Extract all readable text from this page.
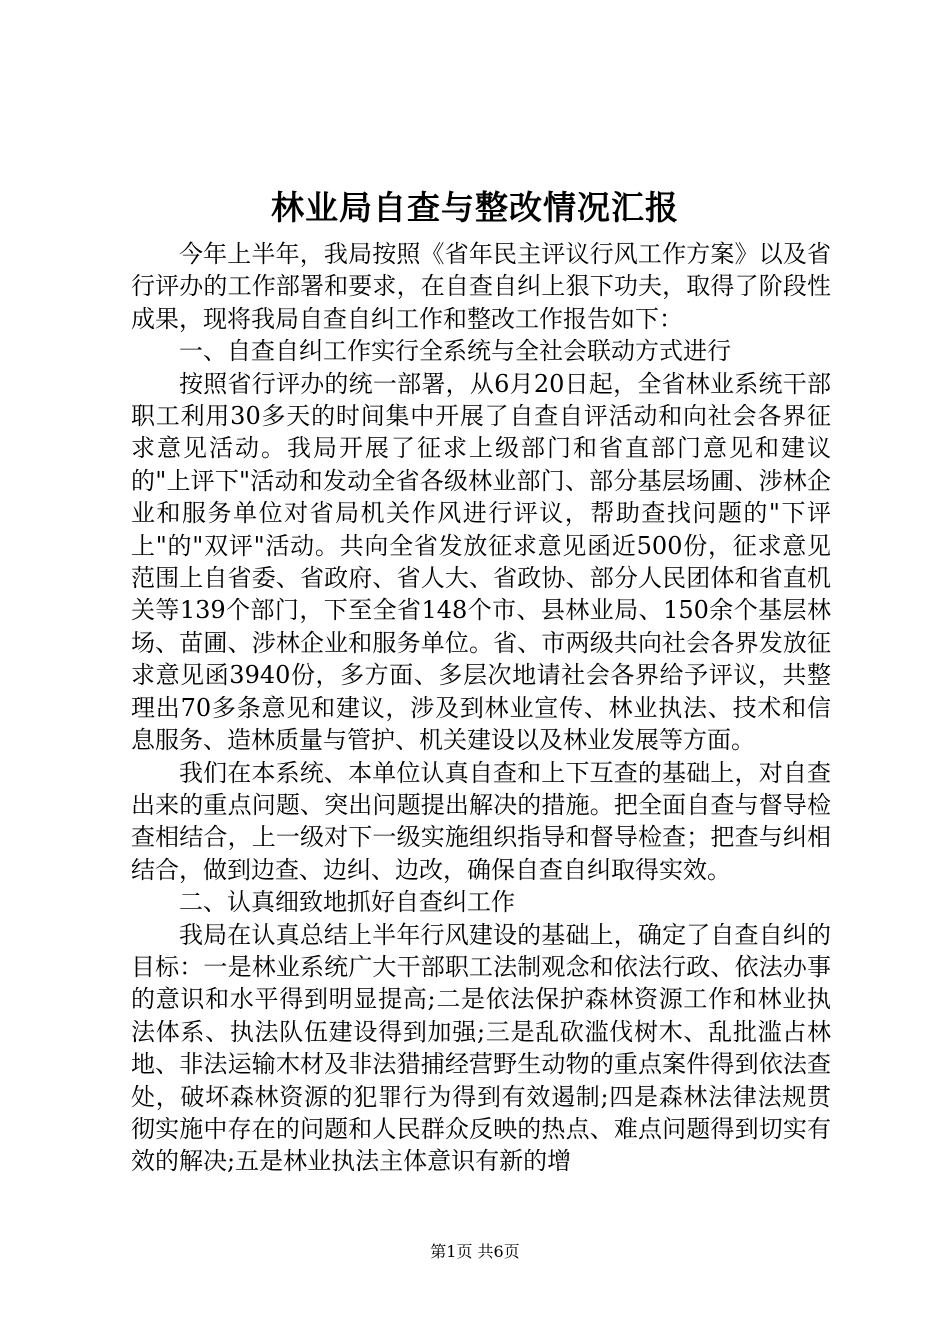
林业局自查与整改情况汇报

今年上半年，我局按照《省年民主评议行风工作方案》以及省行评办的工作部署和要求，在自查自纠上狠下功夫，取得了阶段性成果，现将我局自查自纠工作和整改工作报告如下：

一、自查自纠工作实行全系统与全社会联动方式进行

按照省行评办的统一部署，从6月20日起，全省林业系统干部职工利用30多天的时间集中开展了自查自评活动和向社会各界征求意见活动。我局开展了征求上级部门和省直部门意见和建议的"上评下"活动和发动全省各级林业部门、部分基层场圃、涉林企业和服务单位对省局机关作风进行评议，帮助查找问题的"下评上"的"双评"活动。共向全省发放征求意见函近500份，征求意见范围上自省委、省政府、省人大、省政协、部分人民团体和省直机关等139个部门，下至全省148个市、县林业局、150余个基层林场、苗圃、涉林企业和服务单位。省、市两级共向社会各界发放征求意见函3940份，多方面、多层次地请社会各界给予评议，共整理出70多条意见和建议，涉及到林业宣传、林业执法、技术和信息服务、造林质量与管护、机关建设以及林业发展等方面。

我们在本系统、本单位认真自查和上下互查的基础上，对自查出来的重点问题、突出问题提出解决的措施。把全面自查与督导检查相结合，上一级对下一级实施组织指导和督导检查；把查与纠相结合，做到边查、边纠、边改，确保自查自纠取得实效。

二、认真细致地抓好自查纠工作

我局在认真总结上半年行风建设的基础上，确定了自查自纠的目标：一是林业系统广大干部职工法制观念和依法行政、依法办事的意识和水平得到明显提高;二是依法保护森林资源工作和林业执法体系、执法队伍建设得到加强;三是乱砍滥伐树木、乱批滥占林地、非法运输木材及非法猎捕经营野生动物的重点案件得到依法查处，破坏森林资源的犯罪行为得到有效遏制;四是森林法律法规贯彻实施中存在的问题和人民群众反映的热点、难点问题得到切实有效的解决;五是林业执法主体意识有新的增

第1页 共6页
